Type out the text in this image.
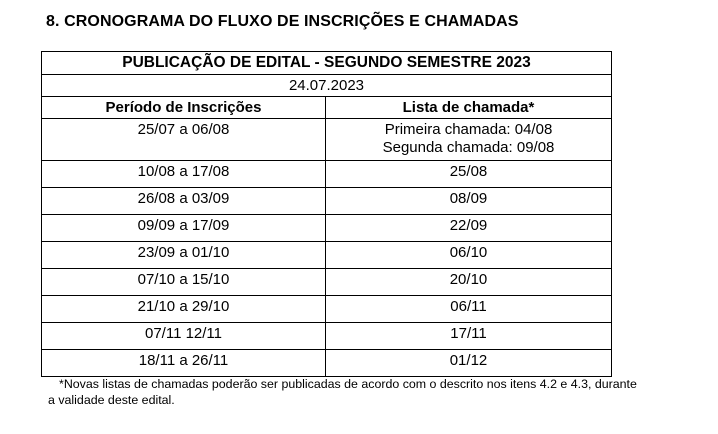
8. CRONOGRAMA DO FLUXO DE INSCRIÇÕES E CHAMADAS
PUBLICAÇÃO DE EDITAL - SEGUNDO SEMESTRE 2023	
24.07.2023	
Período de Inscrições	Lista de chamada*
25/07 a 06/08	Primeira chamada: 04/08
Segunda chamada: 09/08

10/08 a 17/08	25/08
26/08 a 03/09	08/09
09/09 a 17/09	22/09
23/09 a 01/10	06/10
07/10 a 15/10	20/10
21/10 a 29/10	06/11
07/11 12/11	17/11
18/11 a 26/11	01/12
*Novas listas de chamadas poderão ser publicadas de acordo com o descrito nos itens 4.2 e 4.3, durante
a validade deste edital.
